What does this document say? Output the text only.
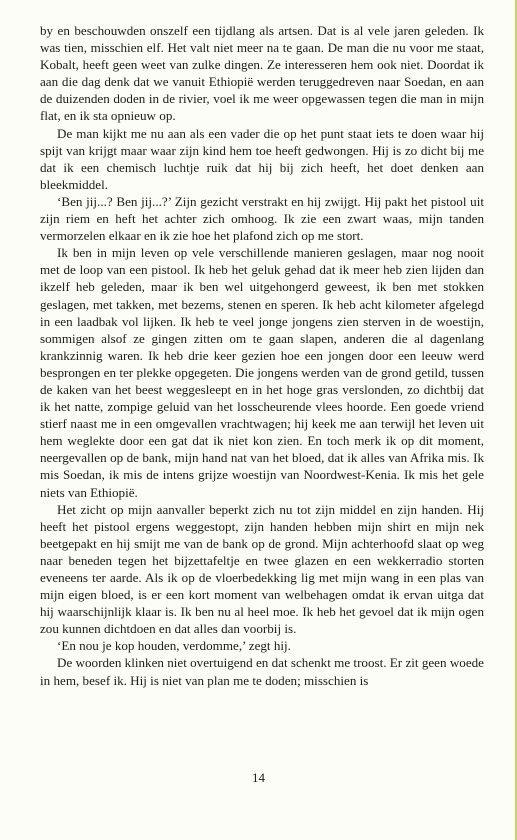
by en beschouwden onszelf een tijdlang als artsen. Dat is al vele jaren geleden. Ik was tien, misschien elf. Het valt niet meer na te gaan. De man die nu voor me staat, Kobalt, heeft geen weet van zulke dingen. Ze interesseren hem ook niet. Doordat ik aan die dag denk dat we vanuit Ethiopië werden teruggedreven naar Soedan, en aan de duizenden doden in de rivier, voel ik me weer opgewassen tegen die man in mijn flat, en ik sta opnieuw op.

De man kijkt me nu aan als een vader die op het punt staat iets te doen waar hij spijt van krijgt maar waar zijn kind hem toe heeft gedwongen. Hij is zo dicht bij me dat ik een chemisch luchtje ruik dat hij bij zich heeft, het doet denken aan bleekmiddel.

‘Ben jij...? Ben jij...?’ Zijn gezicht verstrakt en hij zwijgt. Hij pakt het pistool uit zijn riem en heft het achter zich omhoog. Ik zie een zwart waas, mijn tanden vermorzelen elkaar en ik zie hoe het plafond zich op me stort.

Ik ben in mijn leven op vele verschillende manieren geslagen, maar nog nooit met de loop van een pistool. Ik heb het geluk gehad dat ik meer heb zien lijden dan ikzelf heb geleden, maar ik ben wel uitgehongerd geweest, ik ben met stokken geslagen, met takken, met bezems, stenen en speren. Ik heb acht kilometer afgelegd in een laadbak vol lijken. Ik heb te veel jonge jongens zien sterven in de woestijn, sommigen alsof ze gingen zitten om te gaan slapen, anderen die al dagenlang krankzinnig waren. Ik heb drie keer gezien hoe een jongen door een leeuw werd besprongen en ter plekke opgegeten. Die jongens werden van de grond getild, tussen de kaken van het beest weggesleept en in het hoge gras verslonden, zo dichtbij dat ik het natte, zompige geluid van het losscheurende vlees hoorde. Een goede vriend stierf naast me in een omgevallen vrachtwagen; hij keek me aan terwijl het leven uit hem weglekte door een gat dat ik niet kon zien. En toch merk ik op dit moment, neergevallen op de bank, mijn hand nat van het bloed, dat ik alles van Afrika mis. Ik mis Soedan, ik mis de intens grijze woestijn van Noordwest-Kenia. Ik mis het gele niets van Ethiopië.

Het zicht op mijn aanvaller beperkt zich nu tot zijn middel en zijn handen. Hij heeft het pistool ergens weggestopt, zijn handen hebben mijn shirt en mijn nek beetgepakt en hij smijt me van de bank op de grond. Mijn achterhoofd slaat op weg naar beneden tegen het bijzettafeltje en twee glazen en een wekkerradio storten eveneens ter aarde. Als ik op de vloerbedekking lig met mijn wang in een plas van mijn eigen bloed, is er een kort moment van welbehagen omdat ik ervan uitga dat hij waarschijnlijk klaar is. Ik ben nu al heel moe. Ik heb het gevoel dat ik mijn ogen zou kunnen dichtdoen en dat alles dan voorbij is.

‘En nou je kop houden, verdomme,’ zegt hij.

De woorden klinken niet overtuigend en dat schenkt me troost. Er zit geen woede in hem, besef ik. Hij is niet van plan me te doden; misschien is

14
